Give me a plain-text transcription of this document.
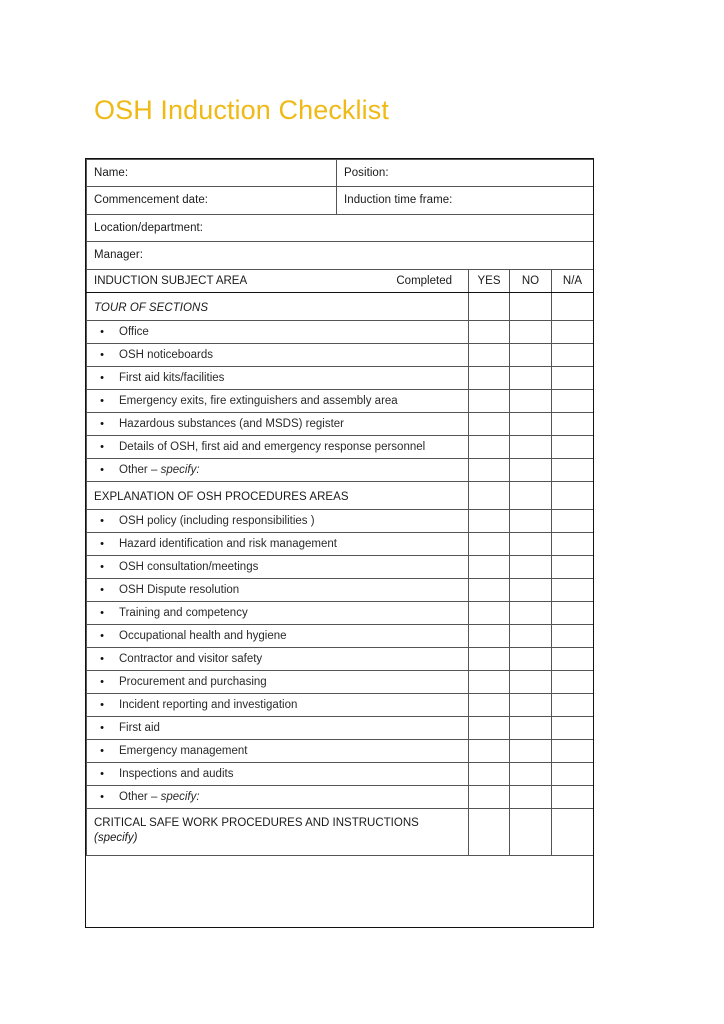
OSH Induction Checklist
Name:	Position:			

Commencement date:	Induction time frame:			

Location/department:				

Manager:				

INDUCTION SUBJECT AREA Completed		YES	NO	N/A

TOUR OF SECTIONS				

• Office				

• OSH noticeboards				

• First aid kits/facilities				

• Emergency exits, fire extinguishers and assembly area				

• Hazardous substances (and MSDS) register				

• Details of OSH, first aid and emergency response personnel				

• Other – specify:				

EXPLANATION OF OSH PROCEDURES AREAS				

• OSH policy (including responsibilities )				

• Hazard identification and risk management				

• OSH consultation/meetings				

• OSH Dispute resolution				

• Training and competency				

• Occupational health and hygiene				

• Contractor and visitor safety				

• Procurement and purchasing				

• Incident reporting and investigation				

• First aid				

• Emergency management				

• Inspections and audits				

• Other – specify:				

CRITICAL SAFE WORK PROCEDURES AND INSTRUCTIONS
(specify)				
